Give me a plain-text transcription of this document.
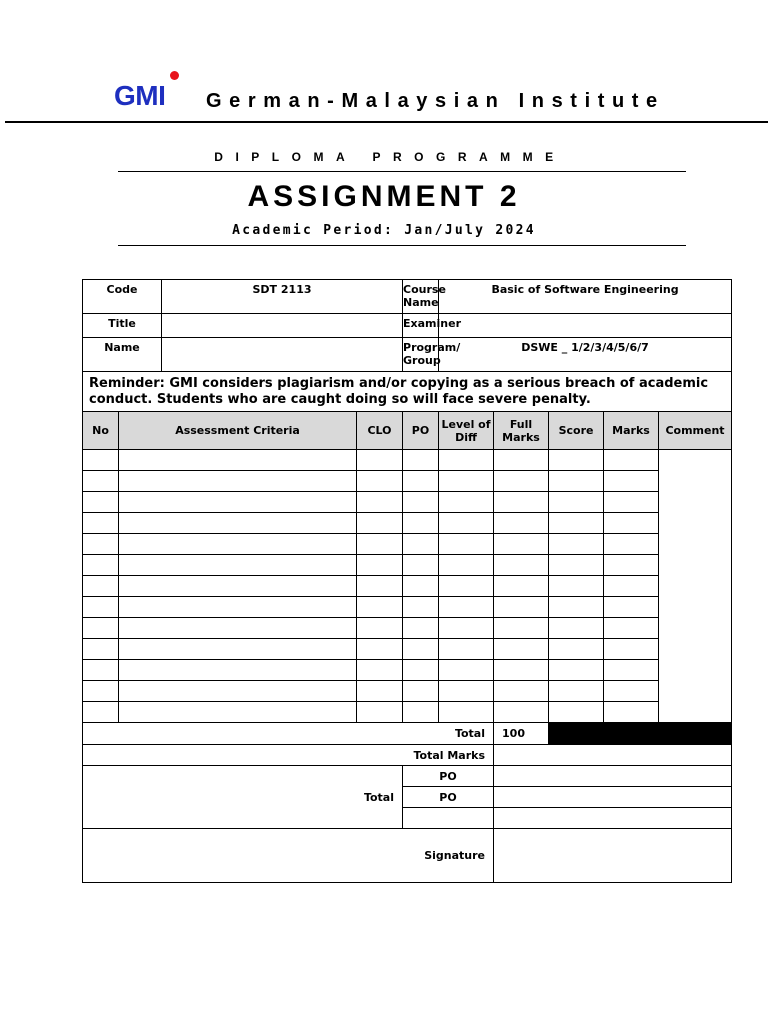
GMI German-Malaysian Institute
DIPLOMA PROGRAMME
ASSIGNMENT 2
Academic Period: Jan/July 2024
Code		SDT 2113		Course Name	Basic of Software Engineering				
Title				Examiner					
Name				Program/ Group	DSWE _ 1/2/3/4/5/6/7				
Reminder: GMI considers plagiarism and/or copying as a serious breach of academic conduct. Students who are caught doing so will face severe penalty.									
No	Assessment Criteria		CLO	PO	Level of Diff	Full Marks	Score	Marks	Comment

Total						100			
Total Marks									
Total				PO					
				PO					

Signature									
